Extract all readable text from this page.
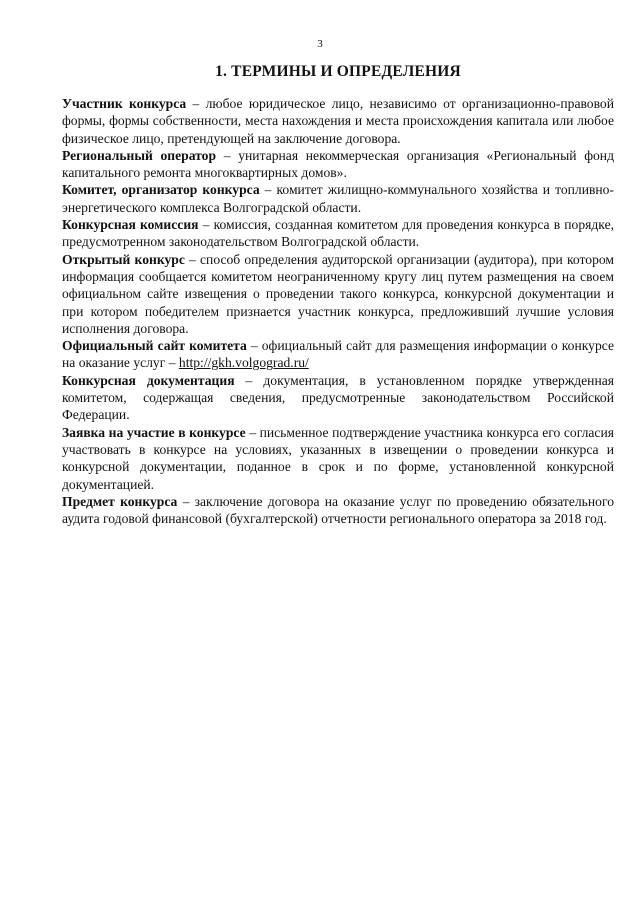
3
1. ТЕРМИНЫ И ОПРЕДЕЛЕНИЯ

Участник конкурса – любое юридическое лицо, независимо от организационно-правовой формы, формы собственности, места нахождения и места происхождения капитала или любое физическое лицо, претендующей на заключение договора.

Региональный оператор – унитарная некоммерческая организация «Региональный фонд капитального ремонта многоквартирных домов».

Комитет, организатор конкурса – комитет жилищно-коммунального хозяйства и топливно-энергетического комплекса Волгоградской области.

Конкурсная комиссия – комиссия, созданная комитетом для проведения конкурса в порядке, предусмотренном законодательством Волгоградской области.

Открытый конкурс – способ определения аудиторской организации (аудитора), при котором информация сообщается комитетом неограниченному кругу лиц путем размещения на своем официальном сайте извещения о проведении такого конкурса, конкурсной документации и при котором победителем признается участник конкурса, предложивший лучшие условия исполнения договора.

Официальный сайт комитета – официальный сайт для размещения информации о конкурсе на оказание услуг – http://gkh.volgograd.ru/

Конкурсная документация – документация, в установленном порядке утвержденная комитетом, содержащая сведения, предусмотренные законодательством Российской Федерации.

Заявка на участие в конкурсе – письменное подтверждение участника конкурса его согласия участвовать в конкурсе на условиях, указанных в извещении о проведении конкурса и конкурсной документации, поданное в срок и по форме, установленной конкурсной документацией.

Предмет конкурса – заключение договора на оказание услуг по проведению обязательного аудита годовой финансовой (бухгалтерской) отчетности регионального оператора за 2018 год.
